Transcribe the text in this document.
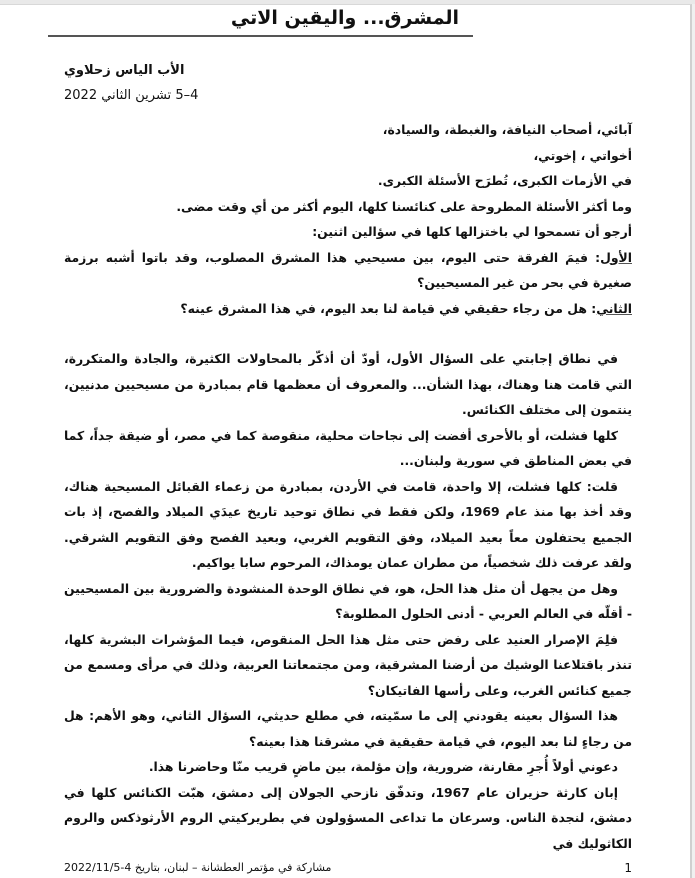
المشرق... واليقين الاتي
الأب الياس زحلاوي
4–5 تشرين الثاني 2022

آبائي، أصحاب النيافة، والغبطة، والسيادة،

أخواتي ، إخوتي،

في الأزمات الكبرى، تُطرَح الأسئلة الكبرى.

وما أكثر الأسئلة المطروحة على كنائسنا كلها، اليوم أكثر من أي وقت مضى.

أرجو أن تسمحوا لي باختزالها كلها في سؤالين اثنين:

الأول: فيمَ الفرقة حتى اليوم، بين مسيحيي هذا المشرق المصلوب، وقد باتوا أشبه برزمة صغيرة في بحر من غير المسيحيين؟

الثاني: هل من رجاء حقيقي في قيامة لنا بعد اليوم، في هذا المشرق عينه؟

في نطاق إجابتي على السؤال الأول، أودّ أن أذكّر بالمحاولات الكثيرة، والجادة والمتكررة، التي قامت هنا وهناك، بهذا الشأن... والمعروف أن معظمها قام بمبادرة من مسيحيين مدنيين، ينتمون إلى مختلف الكنائس.

كلها فشلت، أو بالأحرى أفضت إلى نجاحات محلية، منقوصة كما في مصر، أو ضيقة جداً، كما في بعض المناطق في سورية ولبنان...

قلت: كلها فشلت، إلا واحدة، قامت في الأردن، بمبادرة من زعماء القبائل المسيحية هناك، وقد أخذ بها منذ عام 1969، ولكن فقط في نطاق توحيد تاريخ عيدَي الميلاد والفصح، إذ بات الجميع يحتفلون معاً بعيد الميلاد، وفق التقويم الغربي، وبعيد الفصح وفق التقويم الشرقي. ولقد عرفت ذلك شخصياً، من مطران عمان يومذاك، المرحوم سابا يواكيم.

وهل من يجهل أن مثل هذا الحل، هو، في نطاق الوحدة المنشودة والضرورية بين المسيحيين - أقلّه في العالم العربي - أدنى الحلول المطلوبة؟

فلِمَ الإصرار العنيد على رفض حتى مثل هذا الحل المنقوص، فيما المؤشرات البشرية كلها، تنذر باقتلاعنا الوشيك من أرضنا المشرقية، ومن مجتمعاتنا العربية، وذلك في مرأى ومسمع من جميع كنائس الغرب، وعلى رأسها الفاتيكان؟

هذا السؤال بعينه يقودني إلى ما سمّيته، في مطلع حديثي، السؤال الثاني، وهو الأهم: هل من رجاءٍ لنا بعد اليوم، في قيامة حقيقية في مشرقنا هذا بعينه؟

دعوني أولاً أُجرِ مقارنة، ضرورية، وإن مؤلمة، بين ماضٍ قريب منّا وحاضرنا هذا.

إبان كارثة حزيران عام 1967، وتدفّق نازحي الجولان إلى دمشق، هبّت الكنائس كلها في دمشق، لنجدة الناس. وسرعان ما تداعى المسؤولون في بطريركيتي الروم الأرثوذكس والروم الكاثوليك في

مشاركة في مؤتمر العطشانة – لبنان، بتاريخ 4-2022/11/5	1
